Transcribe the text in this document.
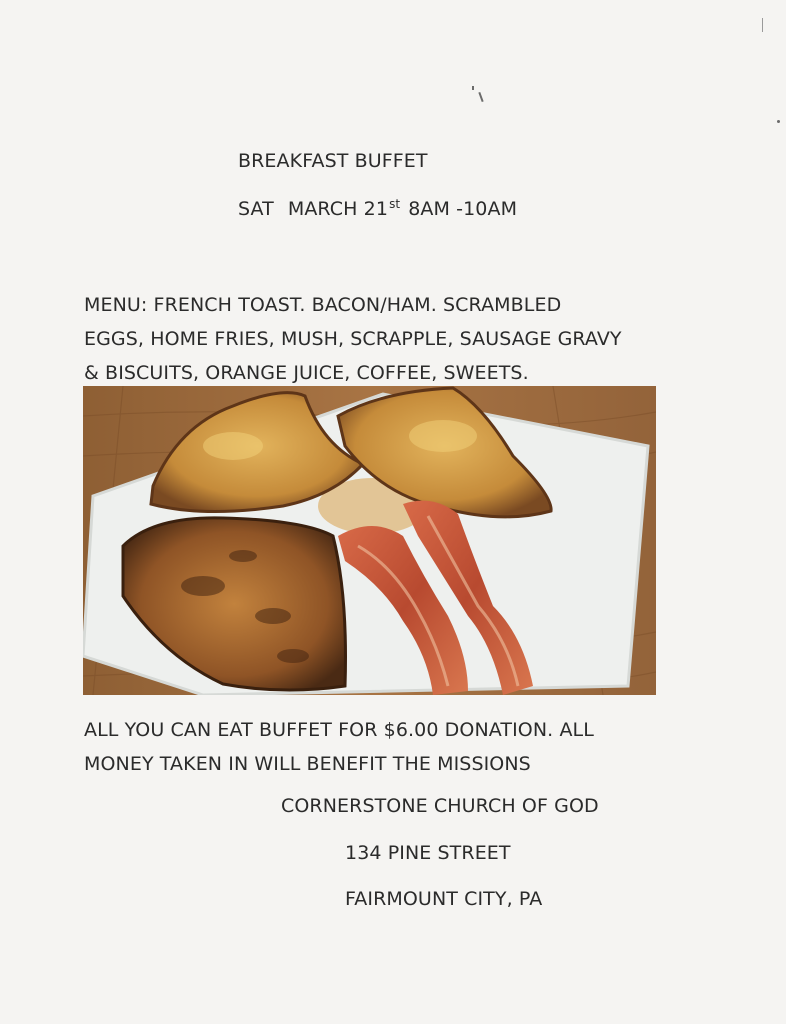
BREAKFAST BUFFET
SAT MARCH 21st 8AM -10AM
MENU: FRENCH TOAST. BACON/HAM. SCRAMBLED
EGGS, HOME FRIES, MUSH, SCRAPPLE, SAUSAGE GRAVY
& BISCUITS, ORANGE JUICE, COFFEE, SWEETS.
ALL YOU CAN EAT BUFFET FOR $6.00 DONATION. ALL
MONEY TAKEN IN WILL BENEFIT THE MISSIONS
CORNERSTONE CHURCH OF GOD
134 PINE STREET
FAIRMOUNT CITY, PA
